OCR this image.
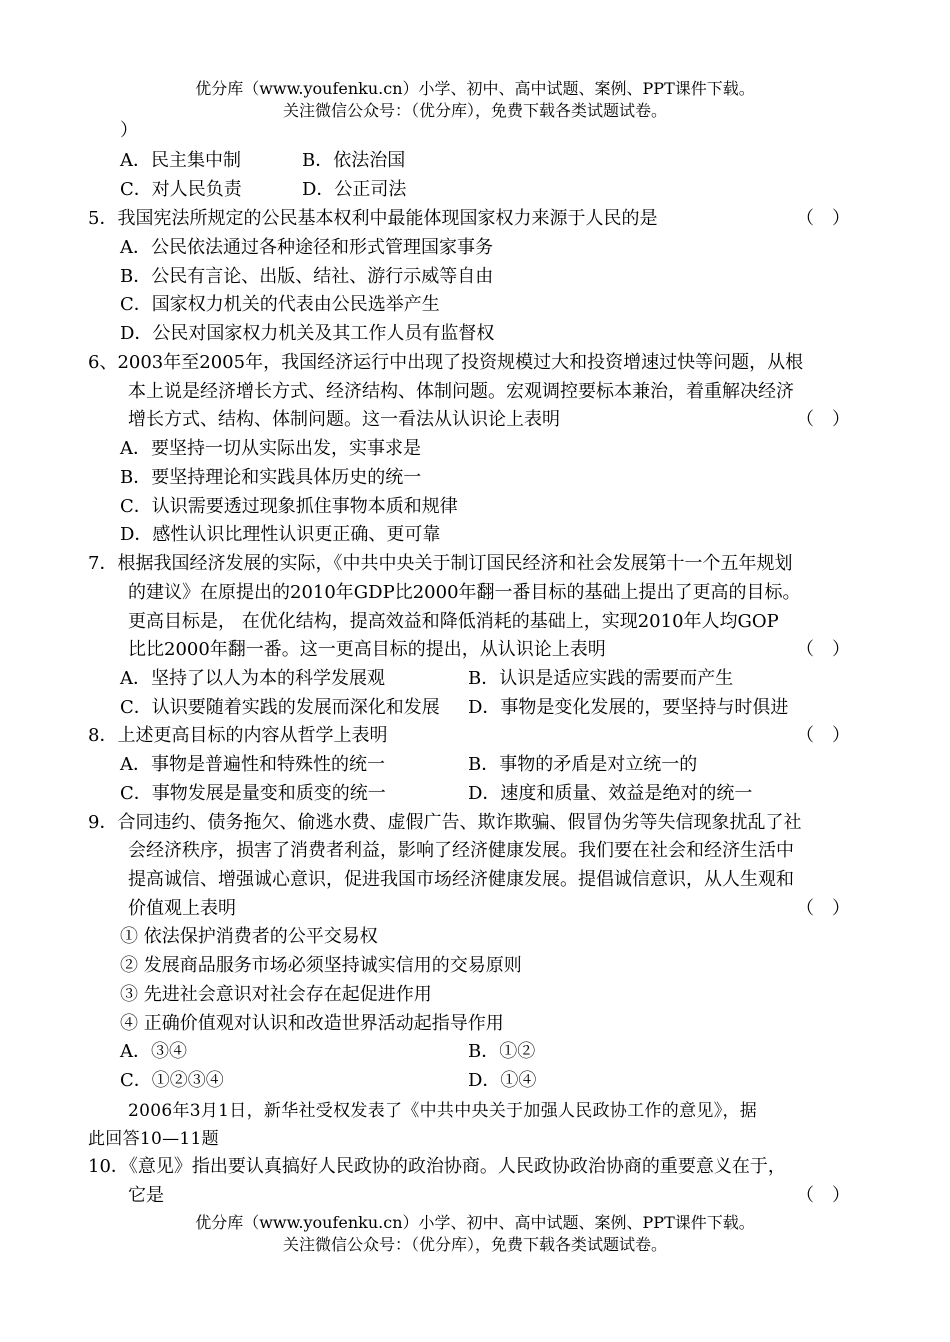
优分库（www.youfenku.cn）小学、初中、高中试题、案例、PPT课件下载。
关注微信公众号：（优分库），免费下载各类试题试卷。
）
A．民主集中制	B．依法治国
C．对人民负责	D．公正司法
5．我国宪法所规定的公民基本权利中最能体现国家权力来源于人民的是	（　）
A．公民依法通过各种途径和形式管理国家事务
B．公民有言论、出版、结社、游行示威等自由
C．国家权力机关的代表由公民选举产生
D．公民对国家权力机关及其工作人员有监督权
6、2003年至2005年，我国经济运行中出现了投资规模过大和投资增速过快等问题，从根
本上说是经济增长方式、经济结构、体制问题。宏观调控要标本兼治，着重解决经济
增长方式、结构、体制问题。这一看法从认识论上表明	（　）
A．要坚持一切从实际出发，实事求是
B．要坚持理论和实践具体历史的统一
C．认识需要透过现象抓住事物本质和规律
D．感性认识比理性认识更正确、更可靠
7．根据我国经济发展的实际，《中共中央关于制订国民经济和社会发展第十一个五年规划
的建议》在原提出的2010年GDP比2000年翻一番目标的基础上提出了更高的目标。
更高目标是， 在优化结构，提高效益和降低消耗的基础上，实现2010年人均GOP
比比2000年翻一番。这一更高目标的提出，从认识论上表明	（　）
A．坚持了以人为本的科学发展观	B．认识是适应实践的需要而产生
C．认识要随着实践的发展而深化和发展 D．事物是变化发展的，要坚持与时俱进
8．上述更高目标的内容从哲学上表明	（　）
A．事物是普遍性和特殊性的统一	B．事物的矛盾是对立统一的
C．事物发展是量变和质变的统一	D．速度和质量、效益是绝对的统一
9．合同违约、债务拖欠、偷逃水费、虚假广告、欺诈欺骗、假冒伪劣等失信现象扰乱了社
会经济秩序，损害了消费者利益，影响了经济健康发展。我们要在社会和经济生活中
提高诚信、增强诚心意识，促进我国市场经济健康发展。提倡诚信意识，从人生观和
价值观上表明	（　）
① 依法保护消费者的公平交易权
② 发展商品服务市场必须坚持诚实信用的交易原则
③ 先进社会意识对社会存在起促进作用
④ 正确价值观对认识和改造世界活动起指导作用
A．③④	B．①②
C．①②③④	D．①④
2006年3月1日，新华社受权发表了《中共中央关于加强人民政协工作的意见》，据
此回答10—11题
10．《意见》指出要认真搞好人民政协的政治协商。人民政协政治协商的重要意义在于，
它是	（　）
优分库（www.youfenku.cn）小学、初中、高中试题、案例、PPT课件下载。
关注微信公众号：（优分库），免费下载各类试题试卷。
